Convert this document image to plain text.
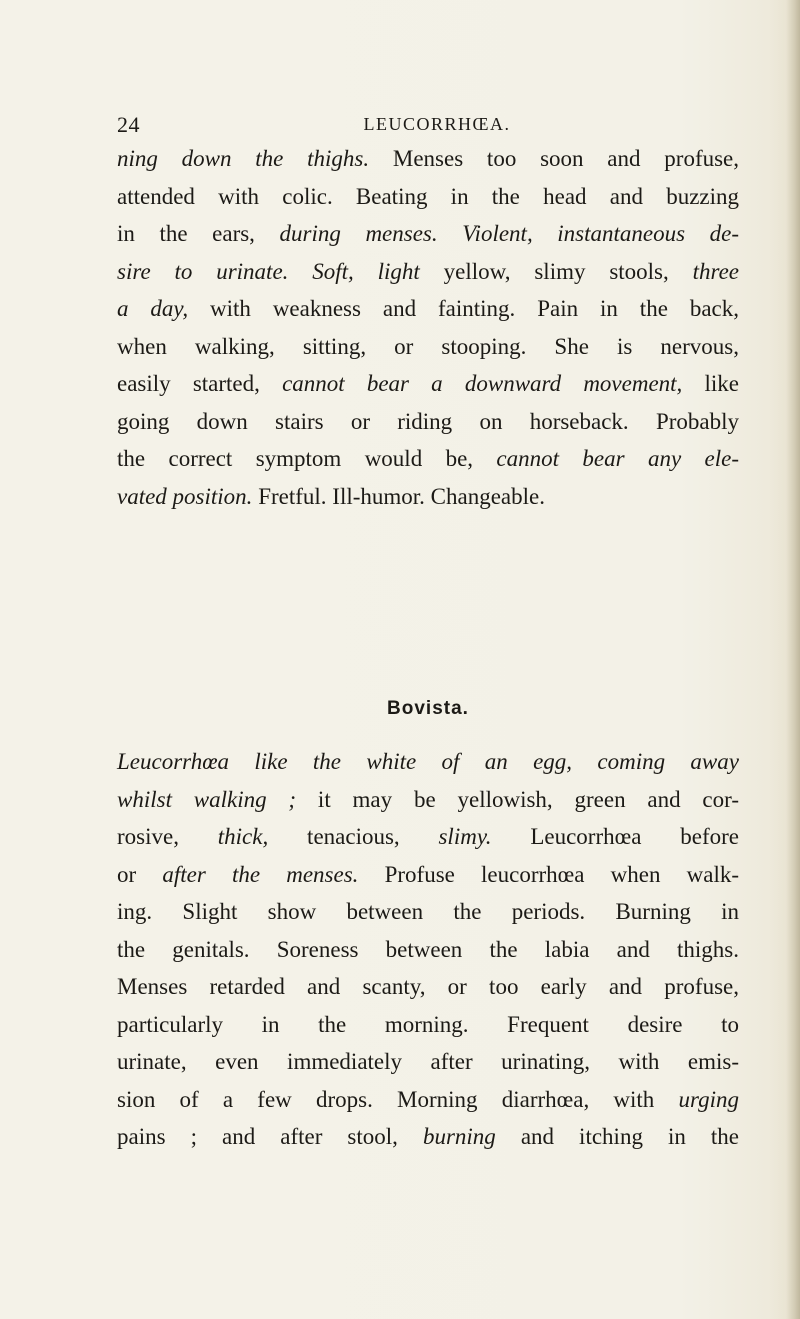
24	LEUCORRHŒA.
ning down the thighs. Menses too soon and profuse,
attended with colic. Beating in the head and buzzing
in the ears, during menses. Violent, instantaneous de-
sire to urinate. Soft, light yellow, slimy stools, three
a day, with weakness and fainting. Pain in the back,
when walking, sitting, or stooping. She is nervous,
easily started, cannot bear a downward movement, like
going down stairs or riding on horseback. Probably
the correct symptom would be, cannot bear any ele-
vated position. Fretful. Ill-humor. Changeable.
Bovista.
Leucorrhœa like the white of an egg, coming away
whilst walking ; it may be yellowish, green and cor-
rosive, thick, tenacious, slimy. Leucorrhœa before
or after the menses. Profuse leucorrhœa when walk-
ing. Slight show between the periods. Burning in
the genitals. Soreness between the labia and thighs.
Menses retarded and scanty, or too early and profuse,
particularly in the morning. Frequent desire to
urinate, even immediately after urinating, with emis-
sion of a few drops. Morning diarrhœa, with urging
pains ; and after stool, burning and itching in the
